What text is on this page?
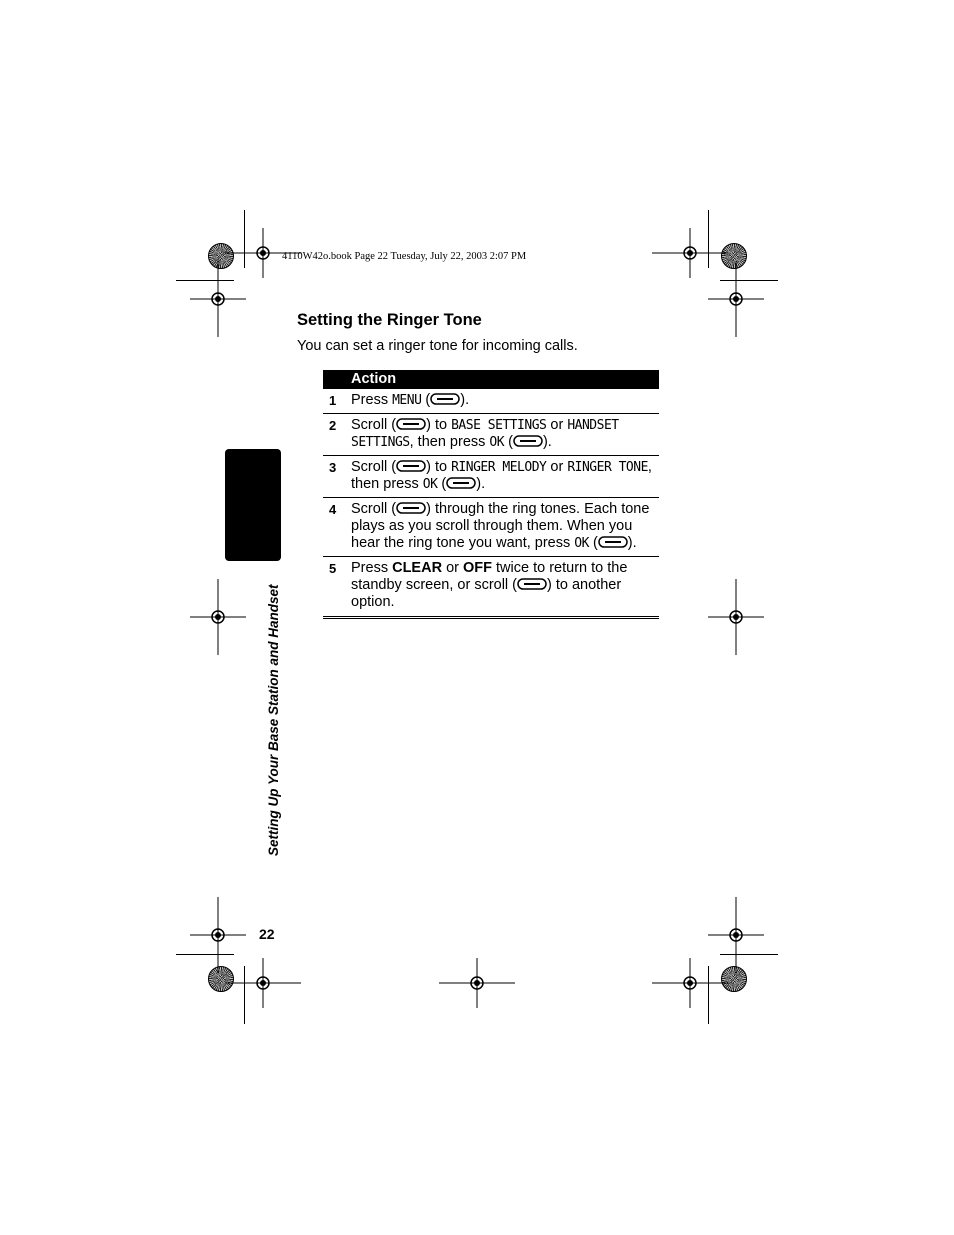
4110W42o.book Page 22 Tuesday, July 22, 2003 2:07 PM
Setting Up Your Base Station and Handset
Setting the Ringer Tone
You can set a ringer tone for incoming calls.
Action
1 Press MENU ( ).
2 Scroll ( ) to BASE SETTINGS or HANDSET SETTINGS, then press OK ( ).
3 Scroll ( ) to RINGER MELODY or RINGER TONE, then press OK ( ).
4 Scroll ( ) through the ring tones. Each tone plays as you scroll through them. When you hear the ring tone you want, press OK ( ).
5 Press CLEAR or OFF twice to return to the standby screen, or scroll ( ) to another option.
22
